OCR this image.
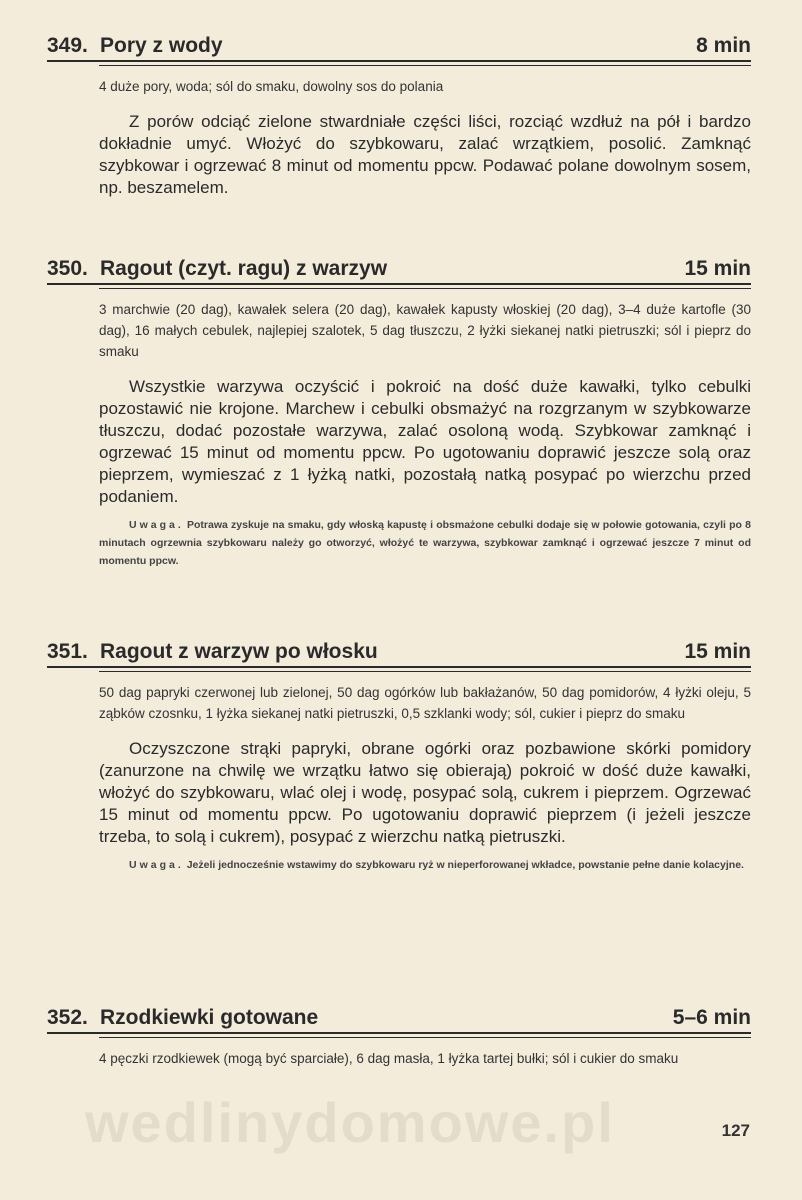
349. Pory z wody	8 min

4 duże pory, woda; sól do smaku, dowolny sos do polania

Z porów odciąć zielone stwardniałe części liści, rozciąć wzdłuż na pół i bardzo dokładnie umyć. Włożyć do szybkowaru, zalać wrzątkiem, posolić. Zamknąć szybkowar i ogrzewać 8 minut od momentu ppcw. Podawać polane dowolnym sosem, np. beszamelem.

350. Ragout (czyt. ragu) z warzyw	15 min

3 marchwie (20 dag), kawałek selera (20 dag), kawałek kapusty włoskiej (20 dag), 3–4 duże kartofle (30 dag), 16 małych cebulek, najlepiej szalotek, 5 dag tłuszczu, 2 łyżki siekanej natki pietruszki; sól i pieprz do smaku

Wszystkie warzywa oczyścić i pokroić na dość duże kawałki, tylko cebulki pozostawić nie krojone. Marchew i cebulki obsmażyć na rozgrzanym w szybkowarze tłuszczu, dodać pozostałe warzywa, zalać osoloną wodą. Szybkowar zamknąć i ogrzewać 15 minut od momentu ppcw. Po ugotowaniu doprawić jeszcze solą oraz pieprzem, wymieszać z 1 łyżką natki, pozostałą natką posypać po wierzchu przed podaniem.

Uwaga. Potrawa zyskuje na smaku, gdy włoską kapustę i obsmażone cebulki dodaje się w połowie gotowania, czyli po 8 minutach ogrzewnia szybkowaru należy go otworzyć, włożyć te warzywa, szybkowar zamknąć i ogrzewać jeszcze 7 minut od momentu ppcw.

351. Ragout z warzyw po włosku	15 min

50 dag papryki czerwonej lub zielonej, 50 dag ogórków lub bakłażanów, 50 dag pomidorów, 4 łyżki oleju, 5 ząbków czosnku, 1 łyżka siekanej natki pietruszki, 0,5 szklanki wody; sól, cukier i pieprz do smaku

Oczyszczone strąki papryki, obrane ogórki oraz pozbawione skórki pomidory (zanurzone na chwilę we wrzątku łatwo się obierają) pokroić w dość duże kawałki, włożyć do szybkowaru, wlać olej i wodę, posypać solą, cukrem i pieprzem. Ogrzewać 15 minut od momentu ppcw. Po ugotowaniu doprawić pieprzem (i jeżeli jeszcze trzeba, to solą i cukrem), posypać z wierzchu natką pietruszki.

Uwaga. Jeżeli jednocześnie wstawimy do szybkowaru ryż w nieperforowanej wkładce, powstanie pełne danie kolacyjne.

352. Rzodkiewki gotowane	5–6 min

4 pęczki rzodkiewek (mogą być sparciałe), 6 dag masła, 1 łyżka tartej bułki; sól i cukier do smaku

wedlinydomowe.pl	127
